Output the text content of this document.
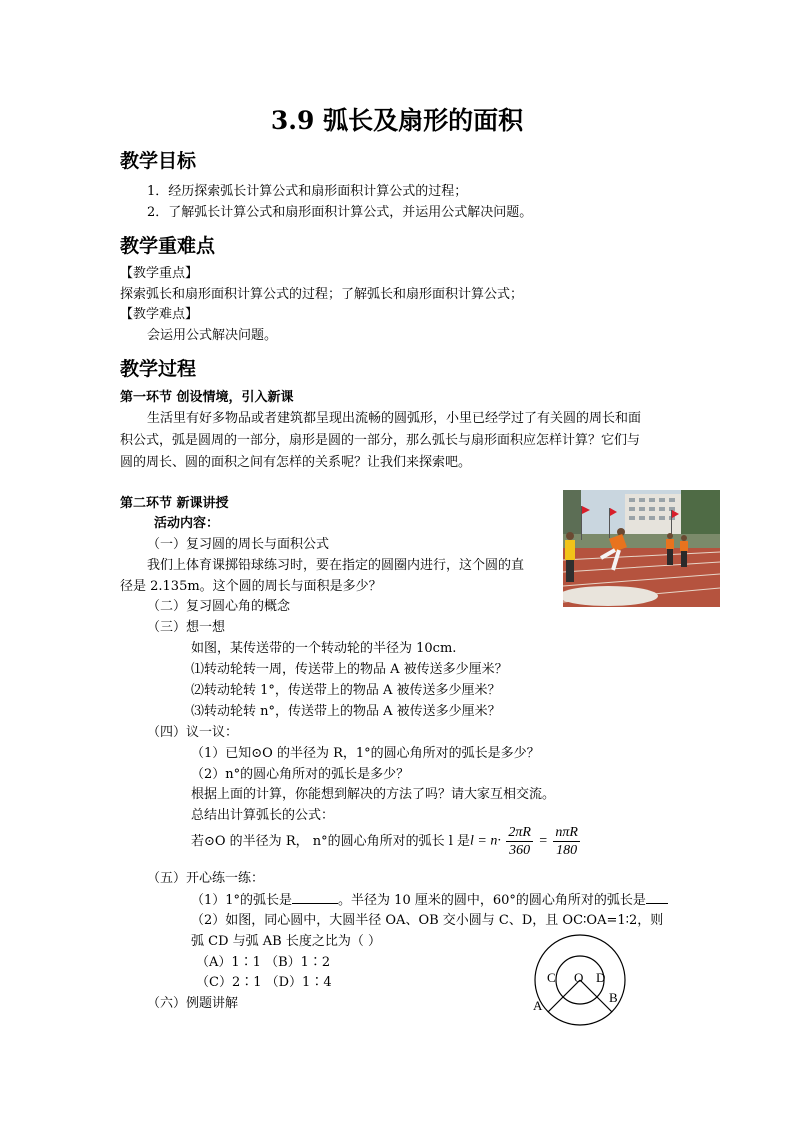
3.9 弧长及扇形的面积
教学目标
1．经历探索弧长计算公式和扇形面积计算公式的过程；
2．了解弧长计算公式和扇形面积计算公式，并运用公式解决问题。
教学重难点
【教学重点】
探索弧长和扇形面积计算公式的过程；了解弧长和扇形面积计算公式；
【教学难点】
会运用公式解决问题。
教学过程
第一环节 创设情境，引入新课
生活里有好多物品或者建筑都呈现出流畅的圆弧形，小里已经学过了有关圆的周长和面
积公式，弧是圆周的一部分，扇形是圆的一部分，那么弧长与扇形面积应怎样计算？它们与
圆的周长、圆的面积之间有怎样的关系呢？让我们来探索吧。
第二环节 新课讲授
活动内容：
（一）复习圆的周长与面积公式
我们上体育课掷铅球练习时，要在指定的圆圈内进行，这个圆的直
径是 2.135m。这个圆的周长与面积是多少？
（二）复习圆心角的概念
（三）想一想
如图，某传送带的一个转动轮的半径为 10cm.
⑴转动轮转一周，传送带上的物品 A 被传送多少厘米？
⑵转动轮转 1°，传送带上的物品 A 被传送多少厘米？
⑶转动轮转 n°，传送带上的物品 A 被传送多少厘米？
（四）议一议：
（1）已知⊙O 的半径为 R，1°的圆心角所对的弧长是多少？
（2）n°的圆心角所对的弧长是多少？
根据上面的计算，你能想到解决的方法了吗？请大家互相交流。
总结出计算弧长的公式：
若⊙O 的半径为 R， n°的圆心角所对的弧长 l 是 $l = n\cdot \frac{2\pi R}{360} = \frac{\text{nπR}}{180}$
（五）开心练一练：
（1）1°的弧长是	。半径为 10 厘米的圆中，60°的圆心角所对的弧长是
（2）如图，同心圆中，大圆半径 OA、OB 交小圆与 C、D，且 OC∶OA=1∶2，则
弧 CD 与弧 AB 长度之比为（ ）
（A）1∶1 （B）1∶2
（C）2∶1 （D）1∶4
（六）例题讲解
C O D
A
B
